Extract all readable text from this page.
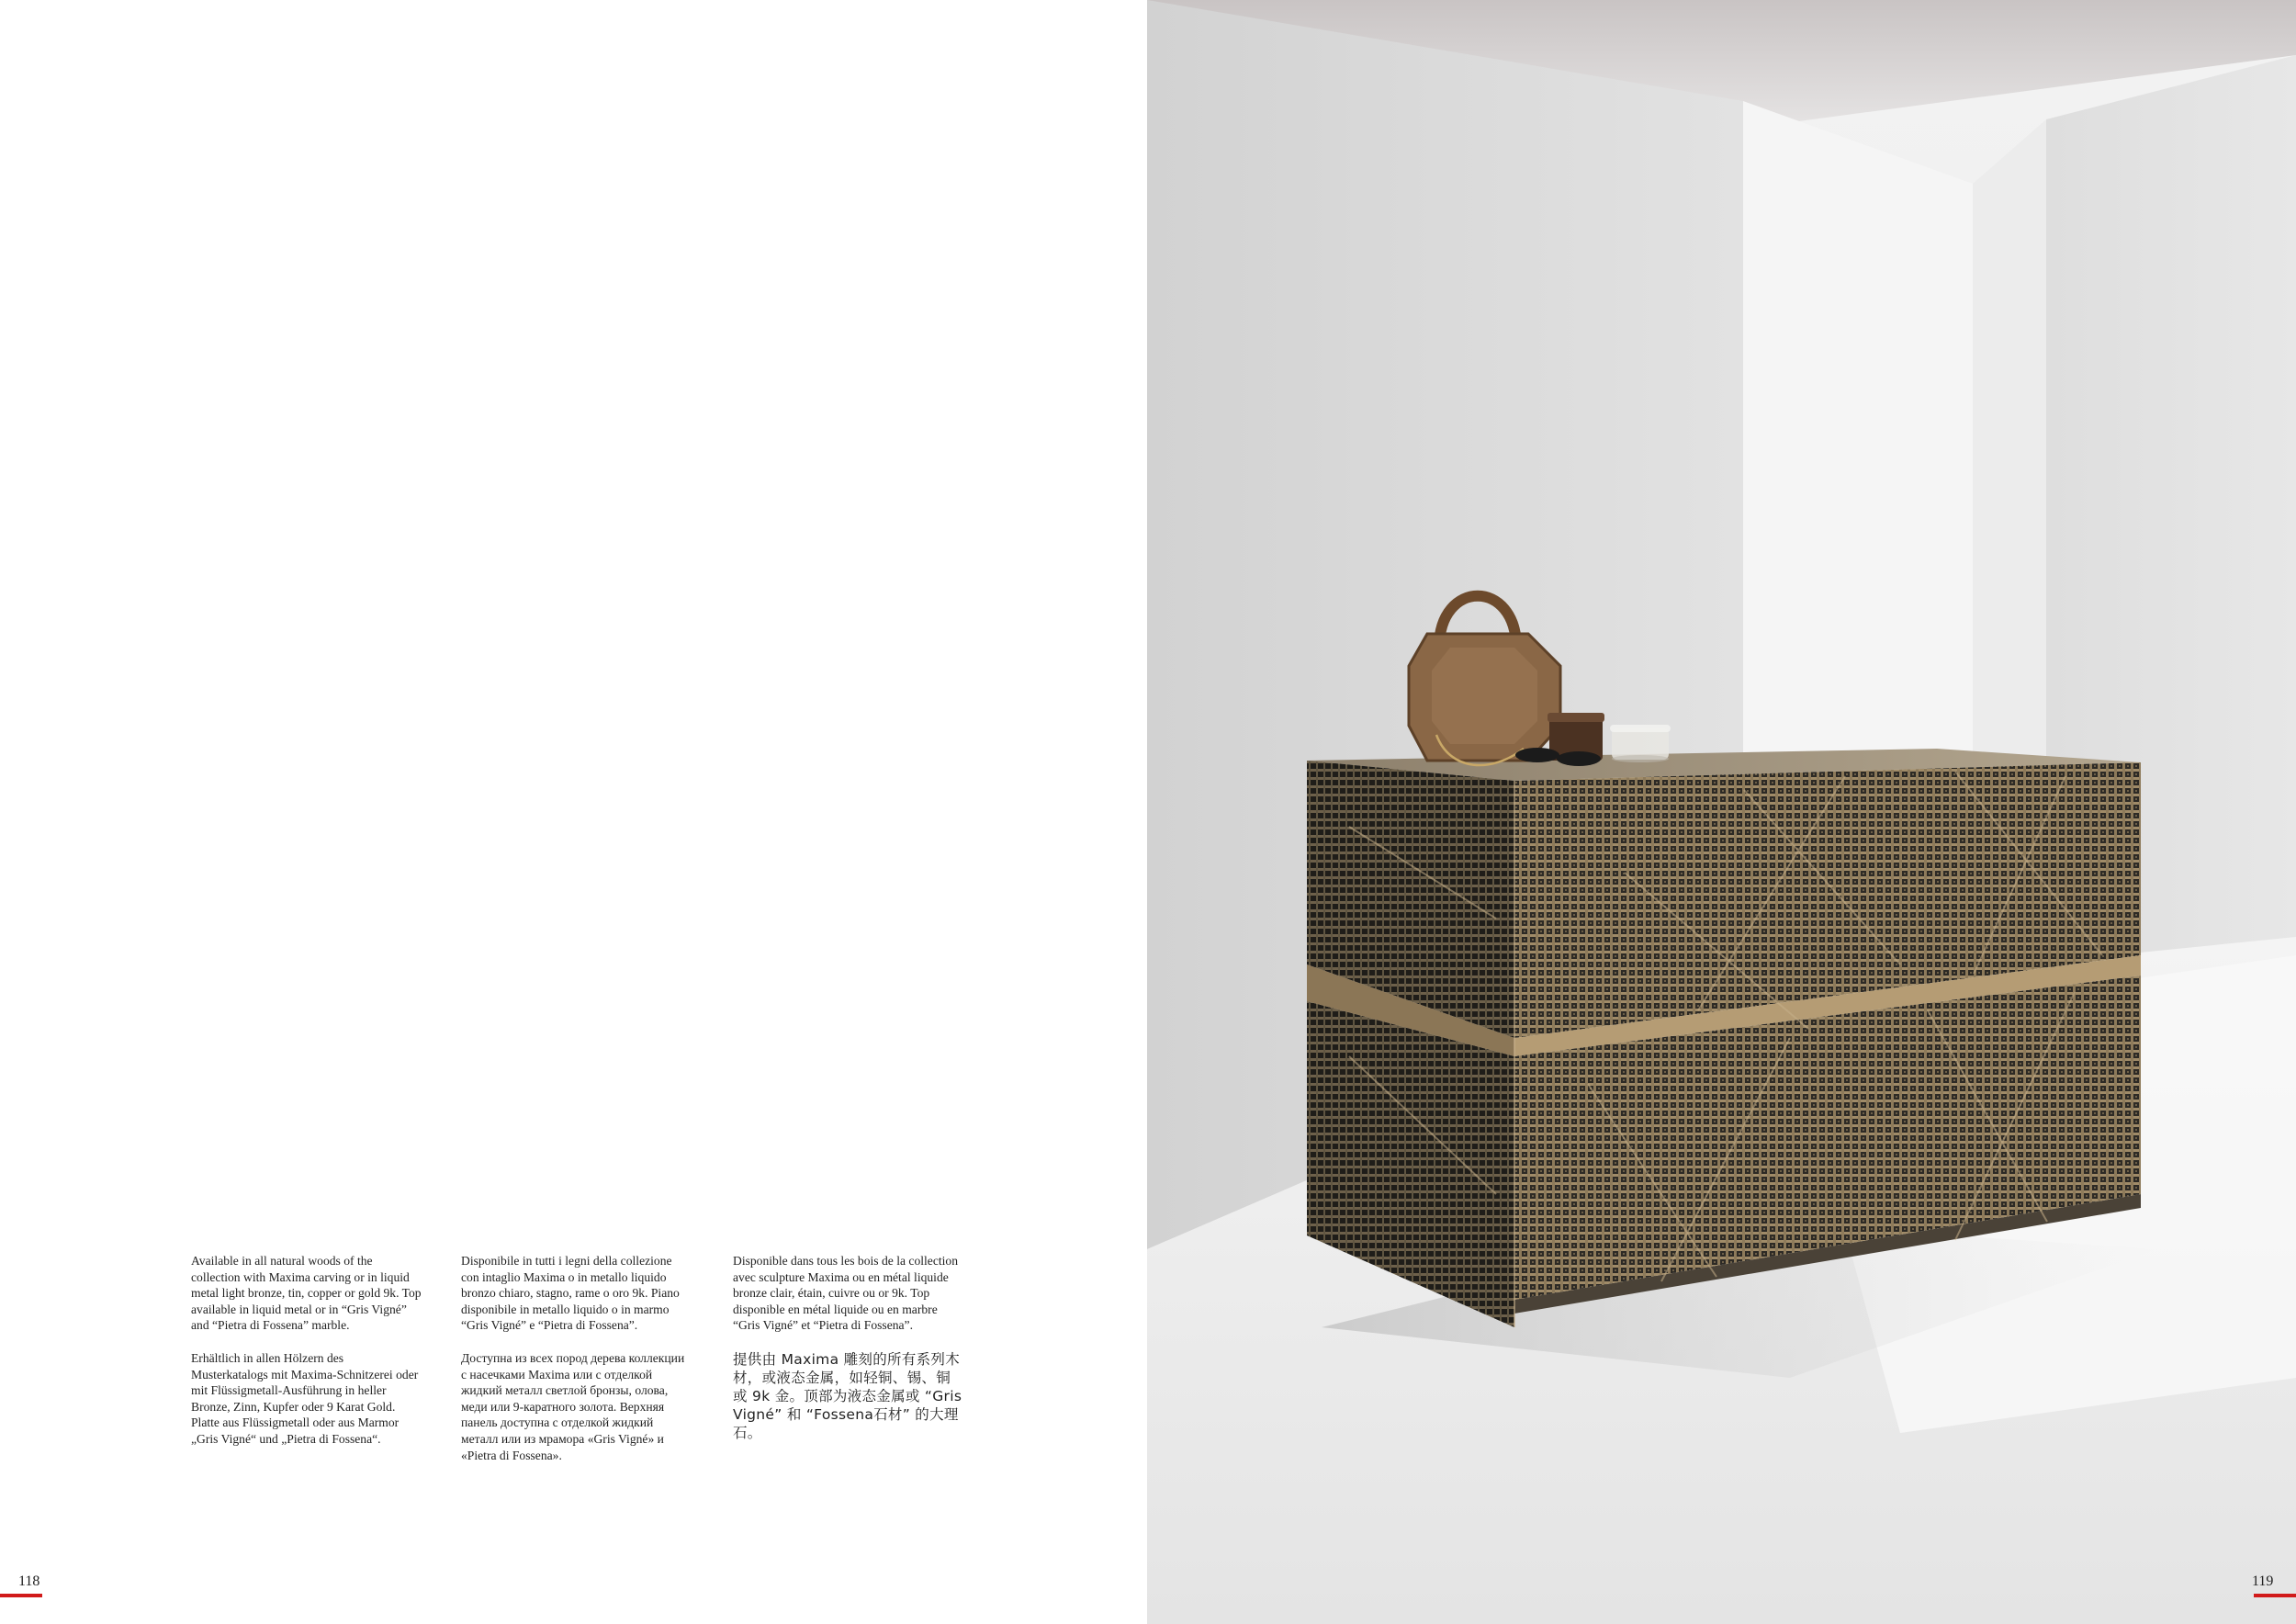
Available in all natural woods of the collection with Maxima carving or in liquid metal light bronze, tin, copper or gold 9k. Top available in liquid metal or in “Gris Vigné” and “Pietra di Fossena” marble.

Erhältlich in allen Hölzern des Musterkatalogs mit Maxima-Schnitzerei oder mit Flüssigmetall-Ausführung in heller Bronze, Zinn, Kupfer oder 9 Karat Gold. Platte aus Flüssigmetall oder aus Marmor „Gris Vigné“ und „Pietra di Fossena“.

Disponibile in tutti i legni della collezione con intaglio Maxima o in metallo liquido bronzo chiaro, stagno, rame o oro 9k. Piano disponibile in metallo liquido o in marmo “Gris Vigné” e “Pietra di Fossena”.

Доступна из всех пород дерева коллекции с насечками Maxima или с отделкой жидкий металл светлой бронзы, олова, меди или 9-каратного золота. Верхняя панель доступна с отделкой жидкий металл или из мрамора «Gris Vigné» и «Pietra di Fossena».

Disponible dans tous les bois de la collection avec sculpture Maxima ou en métal liquide bronze clair, étain, cuivre ou or 9k. Top disponible en métal liquide ou en marbre “Gris Vigné” et “Pietra di Fossena”.

提供由 Maxima 雕刻的所有系列木材，或液态金属，如轻铜、锡、铜或 9k 金。顶部为液态金属或 “Gris Vigné” 和 “Fossena石材” 的大理石。

118	119
